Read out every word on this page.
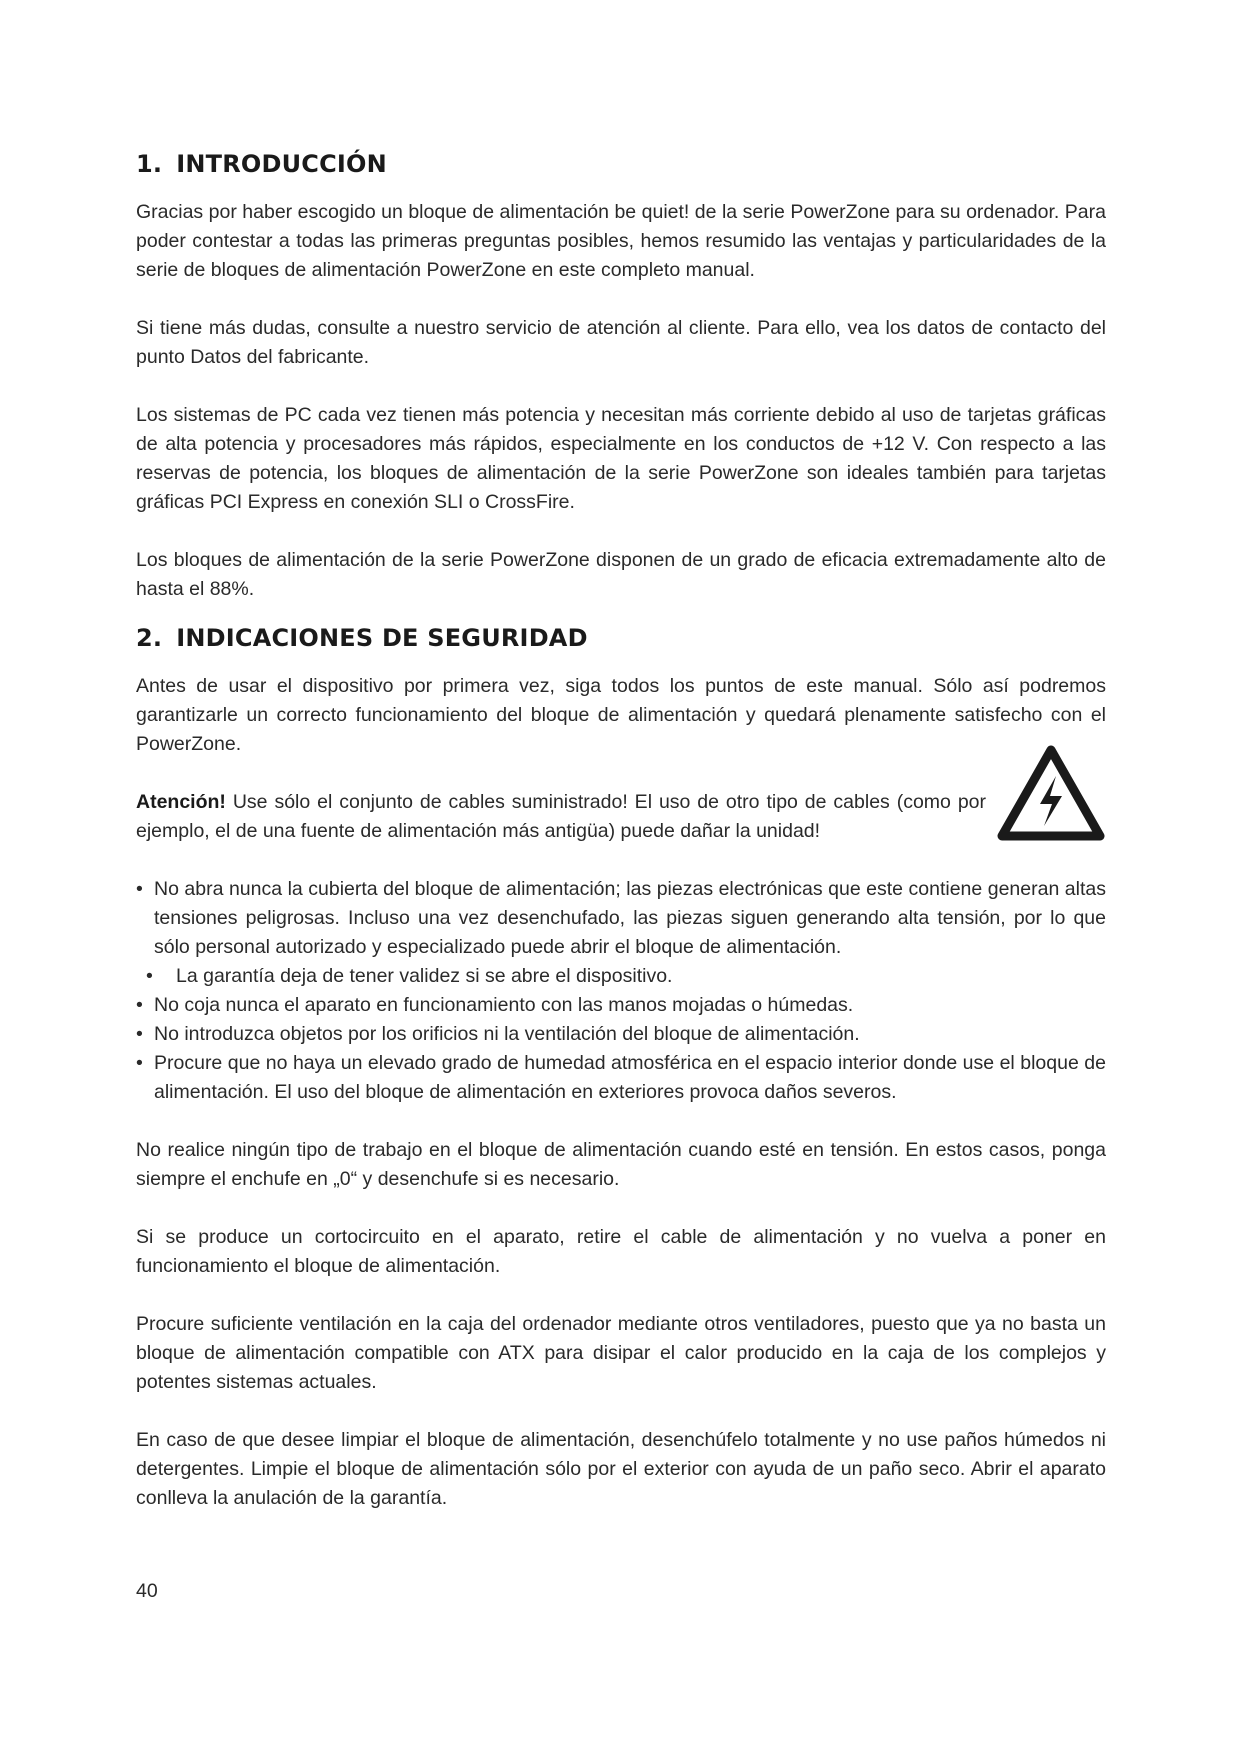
1. INTRODUCCIÓN

Gracias por haber escogido un bloque de alimentación be quiet! de la serie PowerZone para su ordenador. Para poder contestar a todas las primeras preguntas posibles, hemos resumido las ventajas y particularidades de la serie de bloques de alimentación PowerZone en este completo manual.

Si tiene más dudas, consulte a nuestro servicio de atención al cliente. Para ello, vea los datos de contacto del punto Datos del fabricante.

Los sistemas de PC cada vez tienen más potencia y necesitan más corriente debido al uso de tarjetas gráficas de alta potencia y procesadores más rápidos, especialmente en los conductos de +12 V. Con respecto a las reservas de potencia, los bloques de alimentación de la serie PowerZone son ideales también para tarjetas gráficas PCI Express en conexión SLI o CrossFire.

Los bloques de alimentación de la serie PowerZone disponen de un grado de eficacia extremadamente alto de hasta el 88%.

2. INDICACIONES DE SEGURIDAD

Antes de usar el dispositivo por primera vez, siga todos los puntos de este manual. Sólo así podremos garantizarle un correcto funcionamiento del bloque de alimentación y quedará plenamente satisfecho con el PowerZone.

Atención! Use sólo el conjunto de cables suministrado! El uso de otro tipo de cables (como por ejemplo, el de una fuente de alimentación más antigüa) puede dañar la unidad!

• No abra nunca la cubierta del bloque de alimentación; las piezas electrónicas que este contiene generan altas tensiones peligrosas. Incluso una vez desenchufado, las piezas siguen generando alta tensión, por lo que sólo personal autorizado y especializado puede abrir el bloque de alimentación.
• La garantía deja de tener validez si se abre el dispositivo.
• No coja nunca el aparato en funcionamiento con las manos mojadas o húmedas.
• No introduzca objetos por los orificios ni la ventilación del bloque de alimentación.
• Procure que no haya un elevado grado de humedad atmosférica en el espacio interior donde use el bloque de alimentación. El uso del bloque de alimentación en exteriores provoca daños severos.

No realice ningún tipo de trabajo en el bloque de alimentación cuando esté en tensión. En estos casos, ponga siempre el enchufe en „0“ y desenchufe si es necesario.

Si se produce un cortocircuito en el aparato, retire el cable de alimentación y no vuelva a poner en funcionamiento el bloque de alimentación.

Procure suficiente ventilación en la caja del ordenador mediante otros ventiladores, puesto que ya no basta un bloque de alimentación compatible con ATX para disipar el calor producido en la caja de los complejos y potentes sistemas actuales.

En caso de que desee limpiar el bloque de alimentación, desenchúfelo totalmente y no use paños húmedos ni detergentes. Limpie el bloque de alimentación sólo por el exterior con ayuda de un paño seco. Abrir el aparato conlleva la anulación de la garantía.

40
